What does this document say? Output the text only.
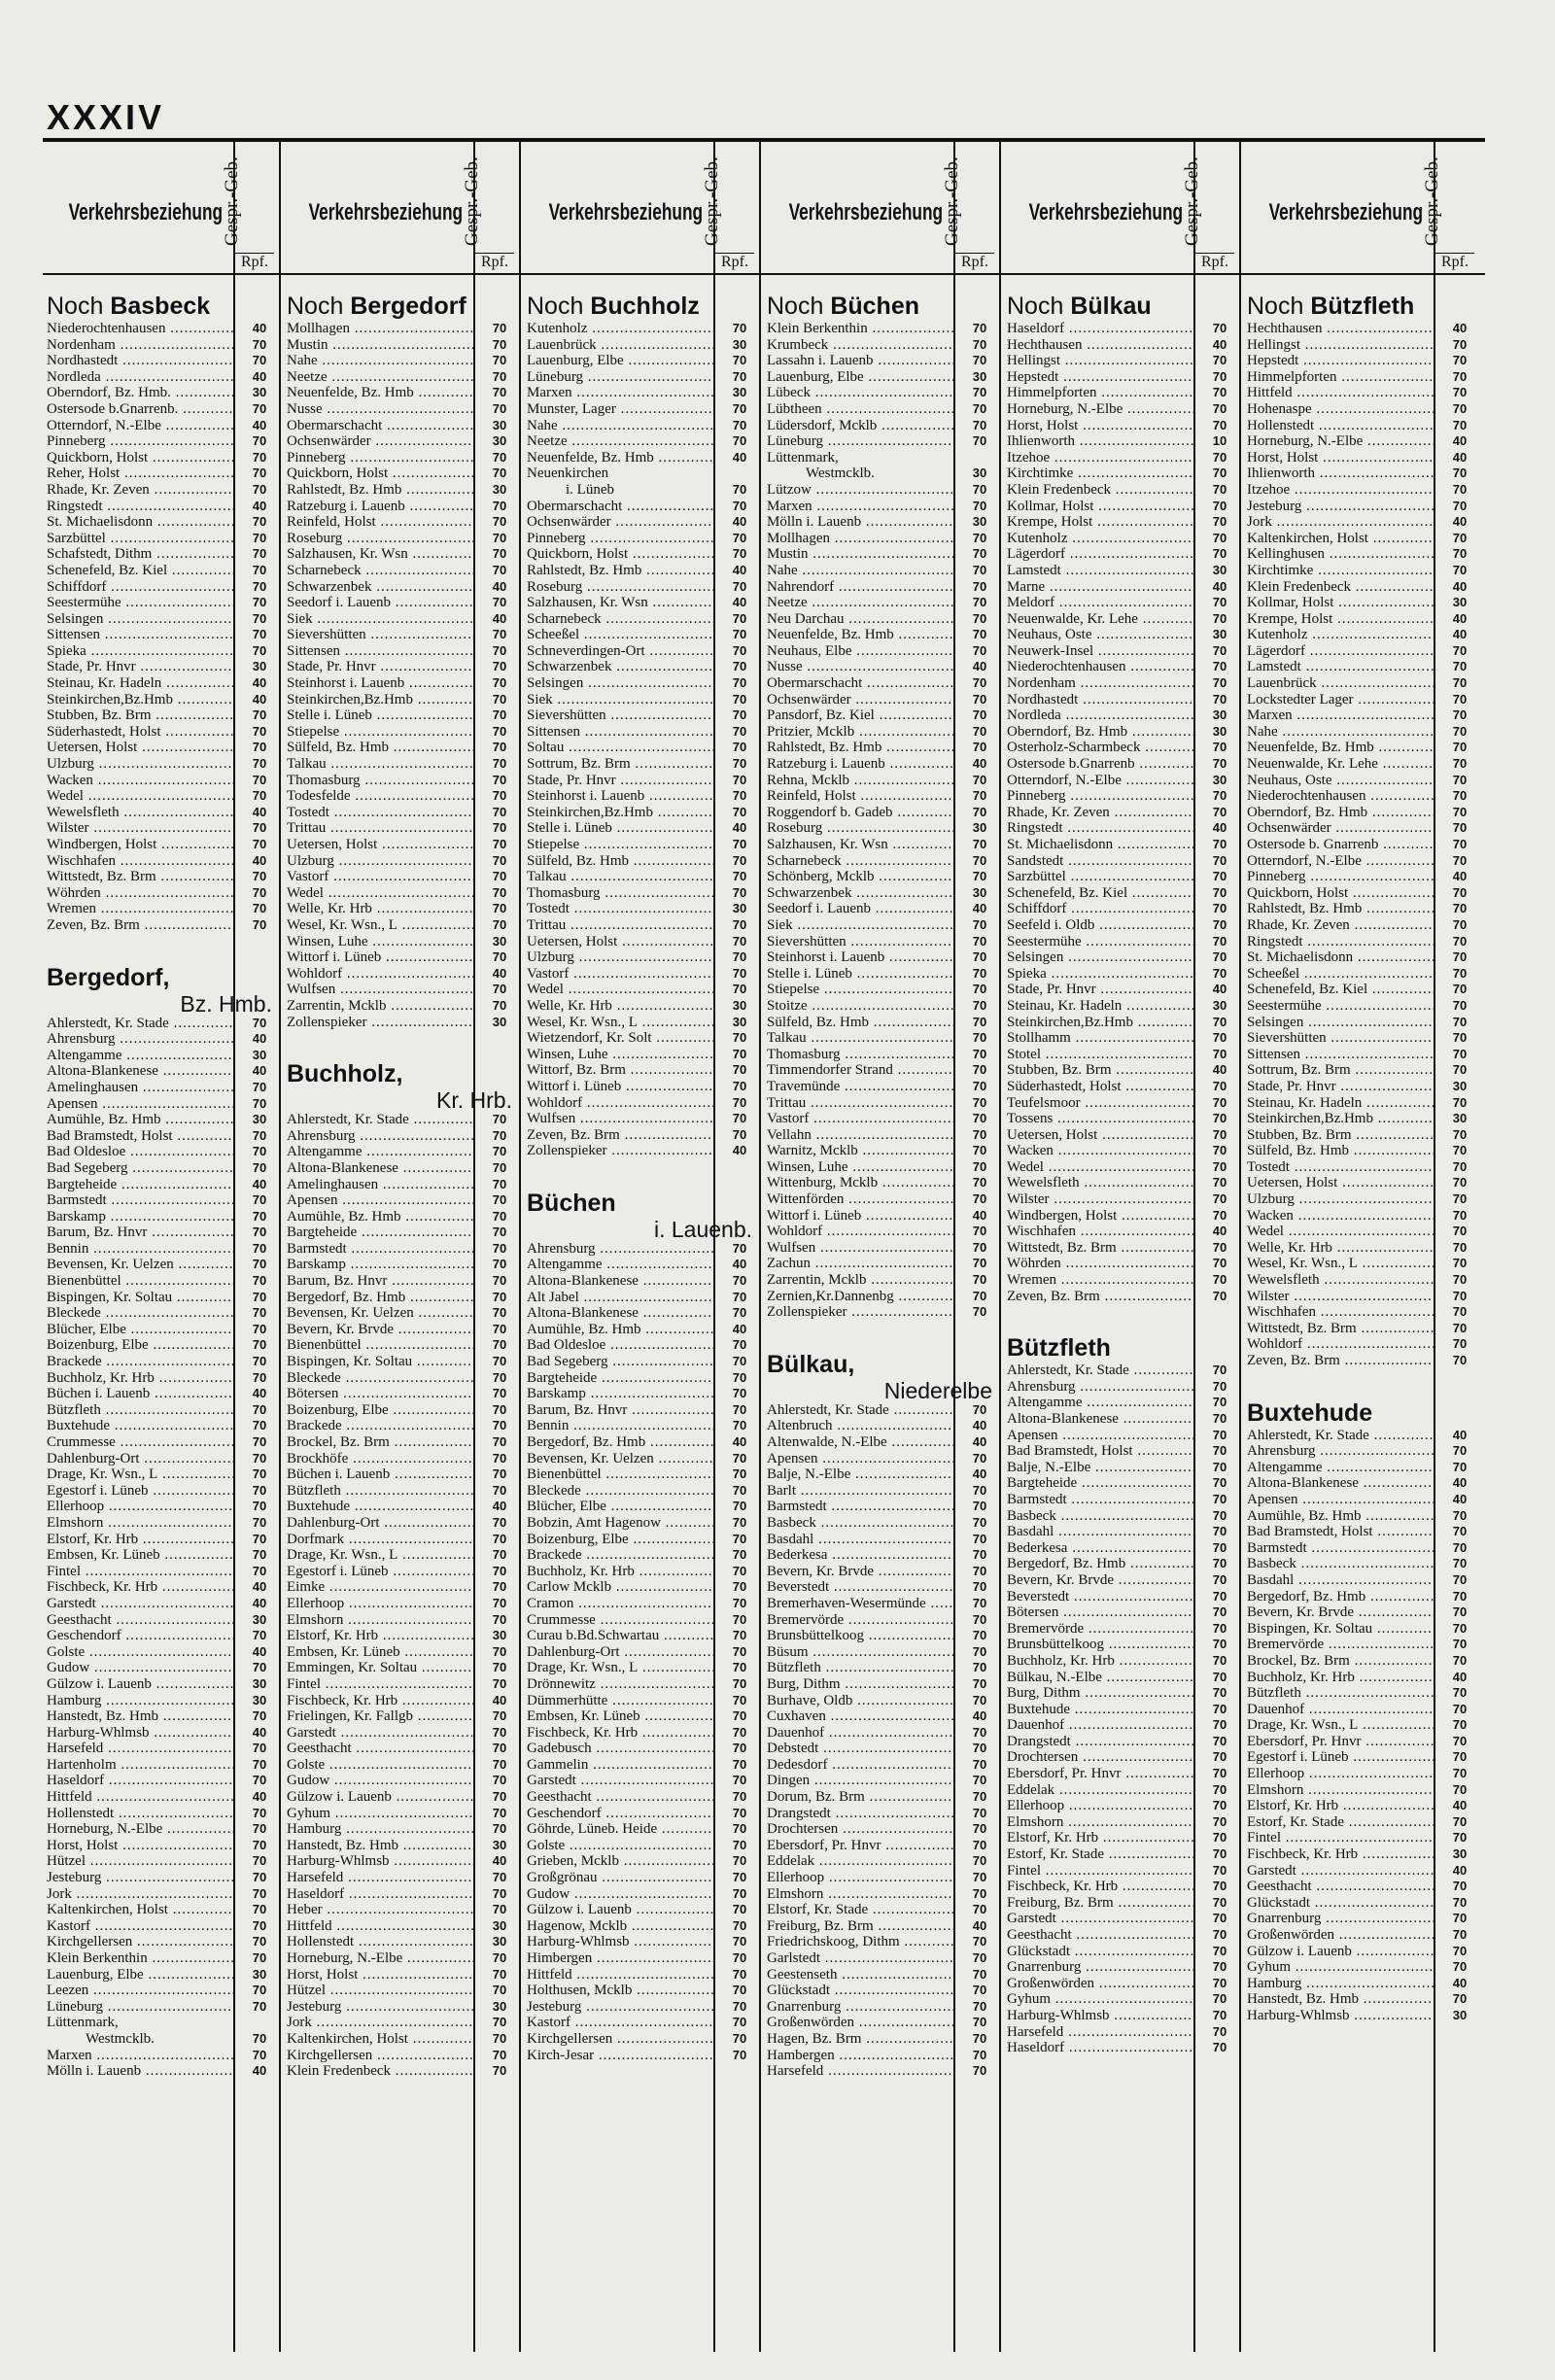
XXXIV
Verkehrsbeziehung
Gespr.-Geb.
Rpf.
Verkehrsbeziehung
Gespr.-Geb.
Rpf.
Verkehrsbeziehung
Gespr.-Geb.
Rpf.
Verkehrsbeziehung
Gespr.-Geb.
Rpf.
Verkehrsbeziehung
Gespr.-Geb.
Rpf.
Verkehrsbeziehung
Gespr.-Geb.
Rpf.
Noch Basbeck
Niederochtenhausen .....	40
Nordenham .....	70
Nordhastedt .....	70
Nordleda .....	40
Oberndorf, Bz. Hmb. .....	30
Ostersode b.Gnarrenb. .....	70
Otterndorf, N.-Elbe .....	40
Pinneberg .....	70
Quickborn, Holst .....	70
Reher, Holst .....	70
Rhade, Kr. Zeven .....	70
Ringstedt .....	40
St. Michaelisdonn .....	70
Sarzbüttel .....	70
Schafstedt, Dithm .....	70
Schenefeld, Bz. Kiel .....	70
Schiffdorf .....	70
Seestermühe .....	70
Selsingen .....	70
Sittensen .....	70
Spieka .....	70
Stade, Pr. Hnvr .....	30
Steinau, Kr. Hadeln .....	40
Steinkirchen,Bz.Hmb .....	40
Stubben, Bz. Brm .....	70
Süderhastedt, Holst .....	70
Uetersen, Holst .....	70
Ulzburg .....	70
Wacken .....	70
Wedel .....	70
Wewelsfleth .....	40
Wilster .....	70
Windbergen, Holst .....	70
Wischhafen .....	40
Wittstedt, Bz. Brm .....	70
Wöhrden .....	70
Wremen .....	70
Zeven, Bz. Brm .....	70
Bergedorf,
Bz. Hmb.
Ahlerstedt, Kr. Stade .....	70
Ahrensburg .....	40
Altengamme .....	30
Altona-Blankenese .....	40
Amelinghausen .....	70
Apensen .....	70
Aumühle, Bz. Hmb .....	30
Bad Bramstedt, Holst .....	70
Bad Oldesloe .....	70
Bad Segeberg .....	70
Bargteheide .....	40
Barmstedt .....	70
Barskamp .....	70
Barum, Bz. Hnvr .....	70
Bennin .....	70
Bevensen, Kr. Uelzen .....	70
Bienenbüttel .....	70
Bispingen, Kr. Soltau .....	70
Bleckede .....	70
Blücher, Elbe .....	70
Boizenburg, Elbe .....	70
Brackede .....	70
Buchholz, Kr. Hrb .....	70
Büchen i. Lauenb .....	40
Bützfleth .....	70
Buxtehude .....	70
Crummesse .....	70
Dahlenburg-Ort .....	70
Drage, Kr. Wsn., L .....	70
Egestorf i. Lüneb .....	70
Ellerhoop .....	70
Elmshorn .....	70
Elstorf, Kr. Hrb .....	70
Embsen, Kr. Lüneb .....	70
Fintel .....	70
Fischbeck, Kr. Hrb .....	40
Garstedt .....	40
Geesthacht .....	30
Geschendorf .....	70
Golste .....	40
Gudow .....	70
Gülzow i. Lauenb .....	30
Hamburg .....	30
Hanstedt, Bz. Hmb .....	70
Harburg-Whlmsb .....	40
Harsefeld .....	70
Hartenholm .....	70
Haseldorf .....	70
Hittfeld .....	40
Hollenstedt .....	70
Horneburg, N.-Elbe .....	70
Horst, Holst .....	70
Hützel .....	70
Jesteburg .....	70
Jork .....	70
Kaltenkirchen, Holst .....	70
Kastorf .....	70
Kirchgellersen .....	70
Klein Berkenthin .....	70
Lauenburg, Elbe .....	30
Leezen .....	70
Lüneburg .....	70
Lüttenmark,
Westmcklb.	70
Marxen .....	70
Mölln i. Lauenb .....	40
Noch Bergedorf
Mollhagen .....	70
Mustin .....	70
Nahe .....	70
Neetze .....	70
Neuenfelde, Bz. Hmb .....	70
Nusse .....	70
Obermarschacht .....	30
Ochsenwärder .....	30
Pinneberg .....	70
Quickborn, Holst .....	70
Rahlstedt, Bz. Hmb .....	30
Ratzeburg i. Lauenb .....	70
Reinfeld, Holst .....	70
Roseburg .....	70
Salzhausen, Kr. Wsn .....	70
Scharnebeck .....	70
Schwarzenbek .....	40
Seedorf i. Lauenb .....	70
Siek .....	40
Sievershütten .....	70
Sittensen .....	70
Stade, Pr. Hnvr .....	70
Steinhorst i. Lauenb .....	70
Steinkirchen,Bz.Hmb .....	70
Stelle i. Lüneb .....	70
Stiepelse .....	70
Sülfeld, Bz. Hmb .....	70
Talkau .....	70
Thomasburg .....	70
Todesfelde .....	70
Tostedt .....	70
Trittau .....	70
Uetersen, Holst .....	70
Ulzburg .....	70
Vastorf .....	70
Wedel .....	70
Welle, Kr. Hrb .....	70
Wesel, Kr. Wsn., L .....	70
Winsen, Luhe .....	30
Wittorf i. Lüneb .....	70
Wohldorf .....	40
Wulfsen .....	70
Zarrentin, Mcklb .....	70
Zollenspieker .....	30
Buchholz,
Kr. Hrb.
Ahlerstedt, Kr. Stade .....	70
Ahrensburg .....	70
Altengamme .....	70
Altona-Blankenese .....	70
Amelinghausen .....	70
Apensen .....	70
Aumühle, Bz. Hmb .....	70
Bargteheide .....	70
Barmstedt .....	70
Barskamp .....	70
Barum, Bz. Hnvr .....	70
Bergedorf, Bz. Hmb .....	70
Bevensen, Kr. Uelzen .....	70
Bevern, Kr. Brvde .....	70
Bienenbüttel .....	70
Bispingen, Kr. Soltau .....	70
Bleckede .....	70
Bötersen .....	70
Boizenburg, Elbe .....	70
Brackede .....	70
Brockel, Bz. Brm .....	70
Brockhöfe .....	70
Büchen i. Lauenb .....	70
Bützfleth .....	70
Buxtehude .....	40
Dahlenburg-Ort .....	70
Dorfmark .....	70
Drage, Kr. Wsn., L .....	70
Egestorf i. Lüneb .....	70
Eimke .....	70
Ellerhoop .....	70
Elmshorn .....	70
Elstorf, Kr. Hrb .....	30
Embsen, Kr. Lüneb .....	70
Emmingen, Kr. Soltau .....	70
Fintel .....	70
Fischbeck, Kr. Hrb .....	40
Frielingen, Kr. Fallgb .....	70
Garstedt .....	70
Geesthacht .....	70
Golste .....	70
Gudow .....	70
Gülzow i. Lauenb .....	70
Gyhum .....	70
Hamburg .....	70
Hanstedt, Bz. Hmb .....	30
Harburg-Whlmsb .....	40
Harsefeld .....	70
Haseldorf .....	70
Heber .....	70
Hittfeld .....	30
Hollenstedt .....	30
Horneburg, N.-Elbe .....	70
Horst, Holst .....	70
Hützel .....	70
Jesteburg .....	30
Jork .....	70
Kaltenkirchen, Holst .....	70
Kirchgellersen .....	70
Klein Fredenbeck .....	70
Noch Buchholz
Kutenholz .....	70
Lauenbrück .....	30
Lauenburg, Elbe .....	70
Lüneburg .....	70
Marxen .....	30
Munster, Lager .....	70
Nahe .....	70
Neetze .....	70
Neuenfelde, Bz. Hmb .....	40
Neuenkirchen
i. Lüneb	70
Obermarschacht .....	70
Ochsenwärder .....	40
Pinneberg .....	70
Quickborn, Holst .....	70
Rahlstedt, Bz. Hmb .....	40
Roseburg .....	70
Salzhausen, Kr. Wsn .....	40
Scharnebeck .....	70
Scheeßel .....	70
Schneverdingen-Ort .....	70
Schwarzenbek .....	70
Selsingen .....	70
Siek .....	70
Sievershütten .....	70
Sittensen .....	70
Soltau .....	70
Sottrum, Bz. Brm .....	70
Stade, Pr. Hnvr .....	70
Steinhorst i. Lauenb .....	70
Steinkirchen,Bz.Hmb .....	70
Stelle i. Lüneb .....	40
Stiepelse .....	70
Sülfeld, Bz. Hmb .....	70
Talkau .....	70
Thomasburg .....	70
Tostedt .....	30
Trittau .....	70
Uetersen, Holst .....	70
Ulzburg .....	70
Vastorf .....	70
Wedel .....	70
Welle, Kr. Hrb .....	30
Wesel, Kr. Wsn., L .....	30
Wietzendorf, Kr. Solt .....	70
Winsen, Luhe .....	70
Wittorf, Bz. Brm .....	70
Wittorf i. Lüneb .....	70
Wohldorf .....	70
Wulfsen .....	70
Zeven, Bz. Brm .....	70
Zollenspieker .....	40
Büchen
i. Lauenb.
Ahrensburg .....	70
Altengamme .....	40
Altona-Blankenese .....	70
Alt Jabel .....	70
Altona-Blankenese .....	70
Aumühle, Bz. Hmb .....	40
Bad Oldesloe .....	70
Bad Segeberg .....	70
Bargteheide .....	70
Barskamp .....	70
Barum, Bz. Hnvr .....	70
Bennin .....	70
Bergedorf, Bz. Hmb .....	40
Bevensen, Kr. Uelzen .....	70
Bienenbüttel .....	70
Bleckede .....	70
Blücher, Elbe .....	70
Bobzin, Amt Hagenow .....	70
Boizenburg, Elbe .....	70
Brackede .....	70
Buchholz, Kr. Hrb .....	70
Carlow Mcklb .....	70
Cramon .....	70
Crummesse .....	70
Curau b.Bd.Schwartau .....	70
Dahlenburg-Ort .....	70
Drage, Kr. Wsn., L .....	70
Drönnewitz .....	70
Dümmerhütte .....	70
Embsen, Kr. Lüneb .....	70
Fischbeck, Kr. Hrb .....	70
Gadebusch .....	70
Gammelin .....	70
Garstedt .....	70
Geesthacht .....	70
Geschendorf .....	70
Göhrde, Lüneb. Heide .....	70
Golste .....	70
Grieben, Mcklb .....	70
Großgrönau .....	70
Gudow .....	70
Gülzow i. Lauenb .....	70
Hagenow, Mcklb .....	70
Harburg-Whlmsb .....	70
Himbergen .....	70
Hittfeld .....	70
Holthusen, Mcklb .....	70
Jesteburg .....	70
Kastorf .....	70
Kirchgellersen .....	70
Kirch-Jesar .....	70
Noch Büchen
Klein Berkenthin .....	70
Krumbeck .....	70
Lassahn i. Lauenb .....	70
Lauenburg, Elbe .....	30
Lübeck .....	70
Lübtheen .....	70
Lüdersdorf, Mcklb .....	70
Lüneburg .....	70
Lüttenmark,
Westmcklb.	30
Lützow .....	70
Marxen .....	70
Mölln i. Lauenb .....	30
Mollhagen .....	70
Mustin .....	70
Nahe .....	70
Nahrendorf .....	70
Neetze .....	70
Neu Darchau .....	70
Neuenfelde, Bz. Hmb .....	70
Neuhaus, Elbe .....	70
Nusse .....	40
Obermarschacht .....	70
Ochsenwärder .....	70
Pansdorf, Bz. Kiel .....	70
Pritzier, Mcklb .....	70
Rahlstedt, Bz. Hmb .....	70
Ratzeburg i. Lauenb .....	40
Rehna, Mcklb .....	70
Reinfeld, Holst .....	70
Roggendorf b. Gadeb .....	70
Roseburg .....	30
Salzhausen, Kr. Wsn .....	70
Scharnebeck .....	70
Schönberg, Mcklb .....	70
Schwarzenbek .....	30
Seedorf i. Lauenb .....	40
Siek .....	70
Sievershütten .....	70
Steinhorst i. Lauenb .....	70
Stelle i. Lüneb .....	70
Stiepelse .....	70
Stoitze .....	70
Sülfeld, Bz. Hmb .....	70
Talkau .....	70
Thomasburg .....	70
Timmendorfer Strand .....	70
Travemünde .....	70
Trittau .....	70
Vastorf .....	70
Vellahn .....	70
Warnitz, Mcklb .....	70
Winsen, Luhe .....	70
Wittenburg, Mcklb .....	70
Wittenförden .....	70
Wittorf i. Lüneb .....	40
Wohldorf .....	70
Wulfsen .....	70
Zachun .....	70
Zarrentin, Mcklb .....	70
Zernien,Kr.Dannenbg .....	70
Zollenspieker .....	70
Bülkau,
Niederelbe
Ahlerstedt, Kr. Stade .....	70
Altenbruch .....	40
Altenwalde, N.-Elbe .....	40
Apensen .....	70
Balje, N.-Elbe .....	40
Barlt .....	70
Barmstedt .....	70
Basbeck .....	70
Basdahl .....	70
Bederkesa .....	70
Bevern, Kr. Brvde .....	70
Beverstedt .....	70
Bremerhaven-Wesermünde .....	70
Bremervörde .....	70
Brunsbüttelkoog .....	70
Büsum .....	70
Bützfleth .....	70
Burg, Dithm .....	70
Burhave, Oldb .....	70
Cuxhaven .....	40
Dauenhof .....	70
Debstedt .....	70
Dedesdorf .....	70
Dingen .....	70
Dorum, Bz. Brm .....	70
Drangstedt .....	70
Drochtersen .....	70
Ebersdorf, Pr. Hnvr .....	70
Eddelak .....	70
Ellerhoop .....	70
Elmshorn .....	70
Elstorf, Kr. Stade .....	70
Freiburg, Bz. Brm .....	40
Friedrichskoog, Dithm .....	70
Garlstedt .....	70
Geestenseth .....	70
Glückstadt .....	70
Gnarrenburg .....	70
Großenwörden .....	70
Hagen, Bz. Brm .....	70
Hambergen .....	70
Harsefeld .....	70
Noch Bülkau
Haseldorf .....	70
Hechthausen .....	40
Hellingst .....	70
Hepstedt .....	70
Himmelpforten .....	70
Horneburg, N.-Elbe .....	70
Horst, Holst .....	70
Ihlienworth .....	10
Itzehoe .....	70
Kirchtimke .....	70
Klein Fredenbeck .....	70
Kollmar, Holst .....	70
Krempe, Holst .....	70
Kutenholz .....	70
Lägerdorf .....	70
Lamstedt .....	30
Marne .....	40
Meldorf .....	70
Neuenwalde, Kr. Lehe .....	70
Neuhaus, Oste .....	30
Neuwerk-Insel .....	70
Niederochtenhausen .....	70
Nordenham .....	70
Nordhastedt .....	70
Nordleda .....	30
Oberndorf, Bz. Hmb .....	30
Osterholz-Scharmbeck .....	70
Ostersode b.Gnarrenb .....	70
Otterndorf, N.-Elbe .....	30
Pinneberg .....	70
Rhade, Kr. Zeven .....	70
Ringstedt .....	40
St. Michaelisdonn .....	70
Sandstedt .....	70
Sarzbüttel .....	70
Schenefeld, Bz. Kiel .....	70
Schiffdorf .....	70
Seefeld i. Oldb .....	70
Seestermühe .....	70
Selsingen .....	70
Spieka .....	70
Stade, Pr. Hnvr .....	40
Steinau, Kr. Hadeln .....	30
Steinkirchen,Bz.Hmb .....	70
Stollhamm .....	70
Stotel .....	70
Stubben, Bz. Brm .....	40
Süderhastedt, Holst .....	70
Teufelsmoor .....	70
Tossens .....	70
Uetersen, Holst .....	70
Wacken .....	70
Wedel .....	70
Wewelsfleth .....	70
Wilster .....	70
Windbergen, Holst .....	70
Wischhafen .....	40
Wittstedt, Bz. Brm .....	70
Wöhrden .....	70
Wremen .....	70
Zeven, Bz. Brm .....	70
Bützfleth
Ahlerstedt, Kr. Stade .....	70
Ahrensburg .....	70
Altengamme .....	70
Altona-Blankenese .....	70
Apensen .....	70
Bad Bramstedt, Holst .....	70
Balje, N.-Elbe .....	70
Bargteheide .....	70
Barmstedt .....	70
Basbeck .....	70
Basdahl .....	70
Bederkesa .....	70
Bergedorf, Bz. Hmb .....	70
Bevern, Kr. Brvde .....	70
Beverstedt .....	70
Bötersen .....	70
Bremervörde .....	70
Brunsbüttelkoog .....	70
Buchholz, Kr. Hrb .....	70
Bülkau, N.-Elbe .....	70
Burg, Dithm .....	70
Buxtehude .....	70
Dauenhof .....	70
Drangstedt .....	70
Drochtersen .....	70
Ebersdorf, Pr. Hnvr .....	70
Eddelak .....	70
Ellerhoop .....	70
Elmshorn .....	70
Elstorf, Kr. Hrb .....	70
Estorf, Kr. Stade .....	70
Fintel .....	70
Fischbeck, Kr. Hrb .....	70
Freiburg, Bz. Brm .....	70
Garstedt .....	70
Geesthacht .....	70
Glückstadt .....	70
Gnarrenburg .....	70
Großenwörden .....	70
Gyhum .....	70
Harburg-Whlmsb .....	70
Harsefeld .....	70
Haseldorf .....	70
Noch Bützfleth
Hechthausen .....	40
Hellingst .....	70
Hepstedt .....	70
Himmelpforten .....	70
Hittfeld .....	70
Hohenaspe .....	70
Hollenstedt .....	70
Horneburg, N.-Elbe .....	40
Horst, Holst .....	40
Ihlienworth .....	70
Itzehoe .....	70
Jesteburg .....	70
Jork .....	40
Kaltenkirchen, Holst .....	70
Kellinghusen .....	70
Kirchtimke .....	70
Klein Fredenbeck .....	40
Kollmar, Holst .....	30
Krempe, Holst .....	40
Kutenholz .....	40
Lägerdorf .....	70
Lamstedt .....	70
Lauenbrück .....	70
Lockstedter Lager .....	70
Marxen .....	70
Nahe .....	70
Neuenfelde, Bz. Hmb .....	70
Neuenwalde, Kr. Lehe .....	70
Neuhaus, Oste .....	70
Niederochtenhausen .....	70
Oberndorf, Bz. Hmb .....	70
Ochsenwärder .....	70
Ostersode b. Gnarrenb .....	70
Otterndorf, N.-Elbe .....	70
Pinneberg .....	40
Quickborn, Holst .....	70
Rahlstedt, Bz. Hmb .....	70
Rhade, Kr. Zeven .....	70
Ringstedt .....	70
St. Michaelisdonn .....	70
Scheeßel .....	70
Schenefeld, Bz. Kiel .....	70
Seestermühe .....	70
Selsingen .....	70
Sievershütten .....	70
Sittensen .....	70
Sottrum, Bz. Brm .....	70
Stade, Pr. Hnvr .....	30
Steinau, Kr. Hadeln .....	70
Steinkirchen,Bz.Hmb .....	30
Stubben, Bz. Brm .....	70
Sülfeld, Bz. Hmb .....	70
Tostedt .....	70
Uetersen, Holst .....	70
Ulzburg .....	70
Wacken .....	70
Wedel .....	70
Welle, Kr. Hrb .....	70
Wesel, Kr. Wsn., L .....	70
Wewelsfleth .....	70
Wilster .....	70
Wischhafen .....	70
Wittstedt, Bz. Brm .....	70
Wohldorf .....	70
Zeven, Bz. Brm .....	70
Buxtehude
Ahlerstedt, Kr. Stade .....	40
Ahrensburg .....	70
Altengamme .....	70
Altona-Blankenese .....	40
Apensen .....	40
Aumühle, Bz. Hmb .....	70
Bad Bramstedt, Holst .....	70
Barmstedt .....	70
Basbeck .....	70
Basdahl .....	70
Bergedorf, Bz. Hmb .....	70
Bevern, Kr. Brvde .....	70
Bispingen, Kr. Soltau .....	70
Bremervörde .....	70
Brockel, Bz. Brm .....	70
Buchholz, Kr. Hrb .....	40
Bützfleth .....	70
Dauenhof .....	70
Drage, Kr. Wsn., L .....	70
Ebersdorf, Pr. Hnvr .....	70
Egestorf i. Lüneb .....	70
Ellerhoop .....	70
Elmshorn .....	70
Elstorf, Kr. Hrb .....	40
Estorf, Kr. Stade .....	70
Fintel .....	70
Fischbeck, Kr. Hrb .....	30
Garstedt .....	40
Geesthacht .....	70
Glückstadt .....	70
Gnarrenburg .....	70
Großenwörden .....	70
Gülzow i. Lauenb .....	70
Gyhum .....	70
Hamburg .....	40
Hanstedt, Bz. Hmb .....	70
Harburg-Whlmsb .....	30
